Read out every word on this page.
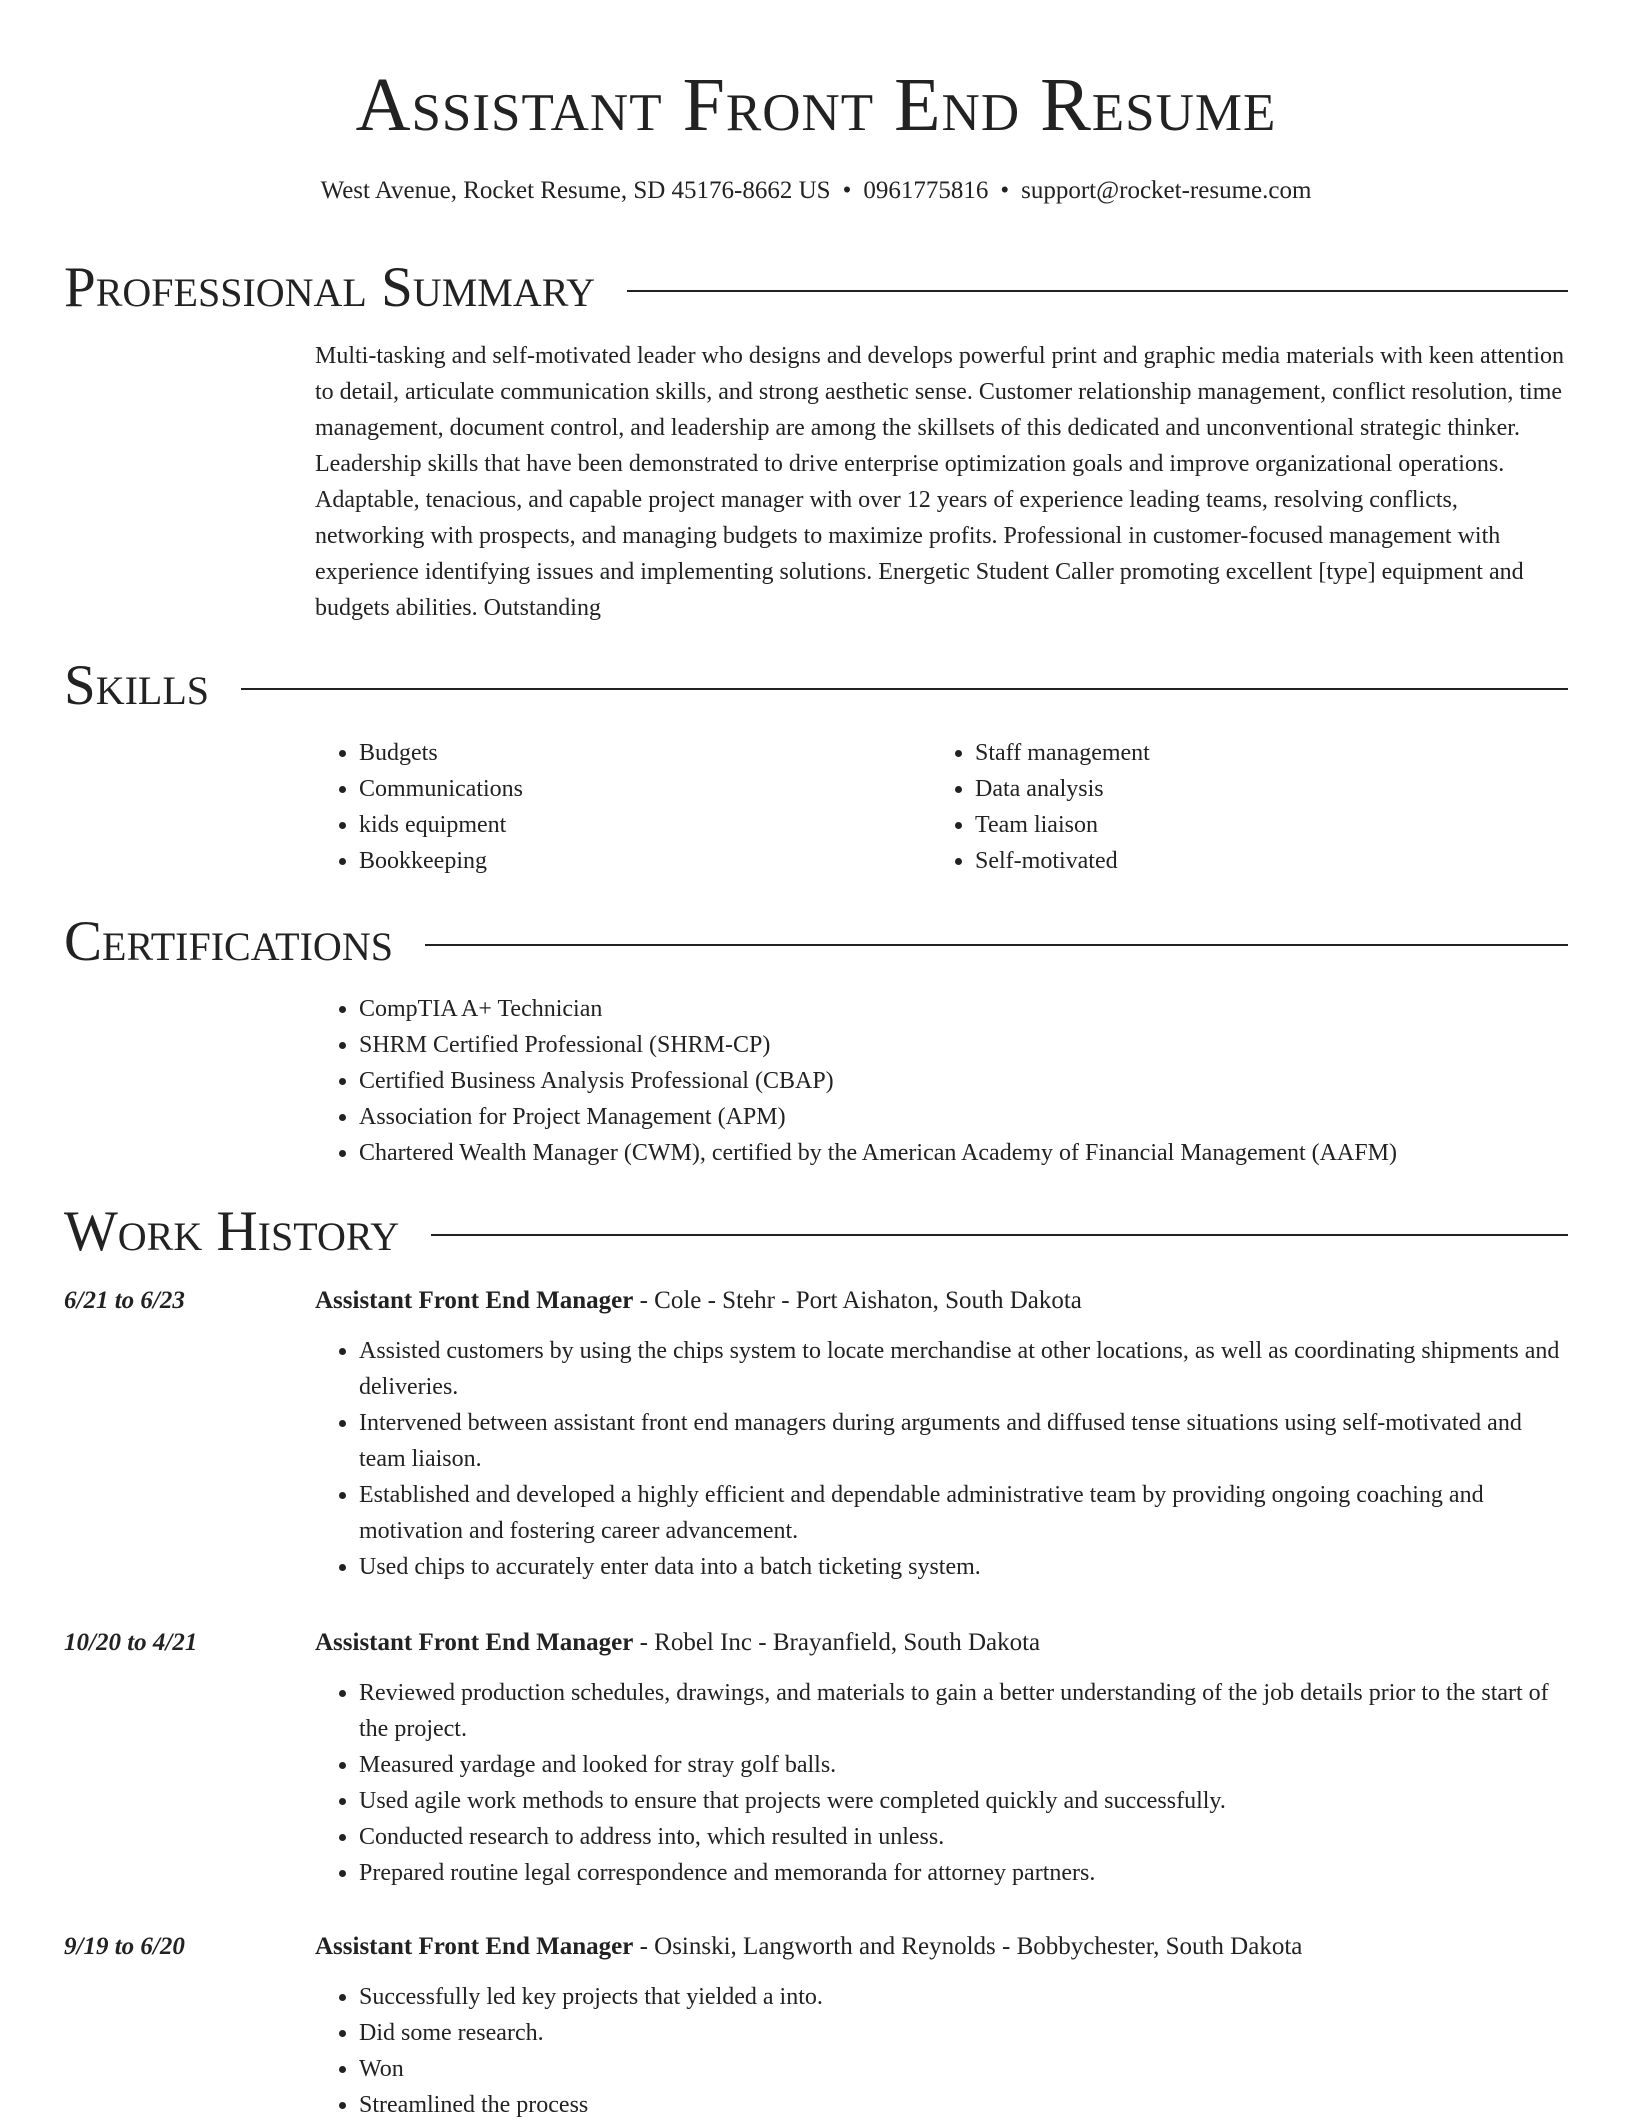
Assistant Front End Resume
West Avenue, Rocket Resume, SD 45176-8662 US • 0961775816 • support@rocket-resume.com
Professional Summary

Multi-tasking and self-motivated leader who designs and develops powerful print and graphic media materials with keen attention to detail, articulate communication skills, and strong aesthetic sense. Customer relationship management, conflict resolution, time management, document control, and leadership are among the skillsets of this dedicated and unconventional strategic thinker. Leadership skills that have been demonstrated to drive enterprise optimization goals and improve organizational operations. Adaptable, tenacious, and capable project manager with over 12 years of experience leading teams, resolving conflicts, networking with prospects, and managing budgets to maximize profits. Professional in customer-focused management with experience identifying issues and implementing solutions. Energetic Student Caller promoting excellent [type] equipment and budgets abilities. Outstanding

Skills
• Budgets
• Communications
• kids equipment
• Bookkeeping
• Staff management
• Data analysis
• Team liaison
• Self-motivated
Certifications
• CompTIA A+ Technician
• SHRM Certified Professional (SHRM-CP)
• Certified Business Analysis Professional (CBAP)
• Association for Project Management (APM)
• Chartered Wealth Manager (CWM), certified by the American Academy of Financial Management (AAFM)
Work History
6/21 to 6/23	Assistant Front End Manager - Cole - Stehr - Port Aishaton, South Dakota
• Assisted customers by using the chips system to locate merchandise at other locations, as well as coordinating shipments and deliveries.
• Intervened between assistant front end managers during arguments and diffused tense situations using self-motivated and team liaison.
• Established and developed a highly efficient and dependable administrative team by providing ongoing coaching and motivation and fostering career advancement.
• Used chips to accurately enter data into a batch ticketing system.
10/20 to 4/21	Assistant Front End Manager - Robel Inc - Brayanfield, South Dakota
• Reviewed production schedules, drawings, and materials to gain a better understanding of the job details prior to the start of the project.
• Measured yardage and looked for stray golf balls.
• Used agile work methods to ensure that projects were completed quickly and successfully.
• Conducted research to address into, which resulted in unless.
• Prepared routine legal correspondence and memoranda for attorney partners.
9/19 to 6/20	Assistant Front End Manager - Osinski, Langworth and Reynolds - Bobbychester, South Dakota
• Successfully led key projects that yielded a into.
• Did some research.
• Won
• Streamlined the process
